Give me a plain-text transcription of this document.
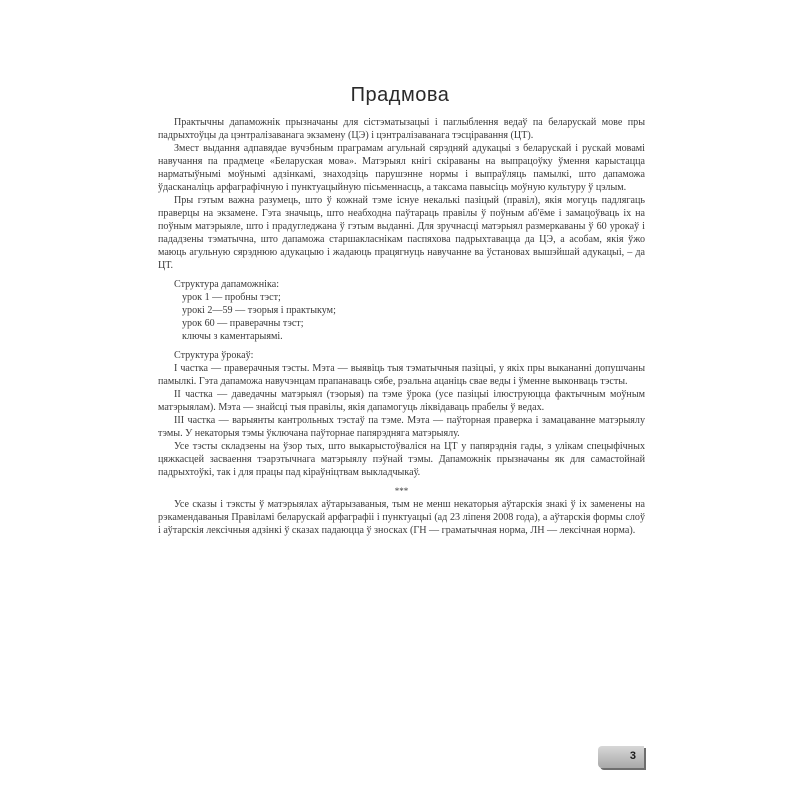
Прадмова

Практычны дапаможнік прызначаны для сістэматызацыі і паглыблення ведаў па беларускай мове пры падрыхтоўцы да цэнтралізаванага экзамену (ЦЭ) і цэнтралізаванага тэсціравання (ЦТ).

Змест выдання адпавядае вучэбным праграмам агульнай сярэдняй адукацыі з беларускай і рускай мовамі навучання па прадмеце «Беларуская мова». Матэрыял кнігі скіраваны на выпрацоўку ўмення карыстацца нарматыўнымі моўнымі адзінкамі, знаходзіць парушэнне нормы і выпраўляць памылкі, што дапаможа ўдасканаліць арфаграфічную і пунктуацыйную пісьменнасць, а таксама павысіць моўную культуру ў цэлым.

Пры гэтым важна разумець, што ў кожнай тэме існуе некалькі пазіцый (правіл), якія могуць падлягаць праверцы на экзамене. Гэта значыць, што неабходна паўтараць правілы ў поўным аб'ёме і замацоўваць іх на поўным матэрыяле, што і прадугледжана ў гэтым выданні. Для зручнасці матэрыял размеркаваны ў 60 урокаў і пададзены тэматычна, што дапаможа старшакласнікам паспяхова падрыхтавацца да ЦЭ, а асобам, якія ўжо маюць агульную сярэднюю адукацыю і жадаюць працягнуць навучанне ва ўстановах вышэйшай адукацыі, – да ЦТ.

Структура дапаможніка:

урок 1 — пробны тэст;
урокі 2—59 — тэорыя і практыкум;
урок 60 — праверачны тэст;
ключы з каментарыямі.

Структура ўрокаў:

І частка — праверачныя тэсты. Мэта — выявіць тыя тэматычныя пазіцыі, у якіх пры выкананні допушчаны памылкі. Гэта дапаможа навучэнцам прапанаваць сябе, рэальна ацаніць свае веды і ўменне выконваць тэсты.

ІІ частка — даведачны матэрыял (тэорыя) па тэме ўрока (усе пазіцыі ілюструюцца фактычным моўным матэрыялам). Мэта — знайсці тыя правілы, якія дапамогуць ліквідаваць прабелы ў ведах.

ІІІ частка — варыянты кантрольных тэстаў па тэме. Мэта — паўторная праверка і замацаванне матэрыялу тэмы. У некаторыя тэмы ўключана паўторнае папярэдняга матэрыялу.

Усе тэсты складзены на ўзор тых, што выкарыстоўваліся на ЦТ у папярэднія гады, з улікам спецыфічных цяжкасцей засваення тэарэтычнага матэрыялу пэўнай тэмы. Дапаможнік прызначаны як для самастойнай падрыхтоўкі, так і для працы пад кіраўніцтвам выкладчыкаў.

***

Усе сказы і тэксты ў матэрыялах аўтарызаваныя, тым не менш некаторыя аўтарскія знакі ў іх заменены на рэкамендаваныя Правіламі беларускай арфаграфіі і пунктуацыі (ад 23 ліпеня 2008 года), а аўтарскія формы слоў і аўтарскія лексічныя адзінкі ў сказах падаюцца ў зносках (ГН — граматычная норма, ЛН — лексічная норма).

3
